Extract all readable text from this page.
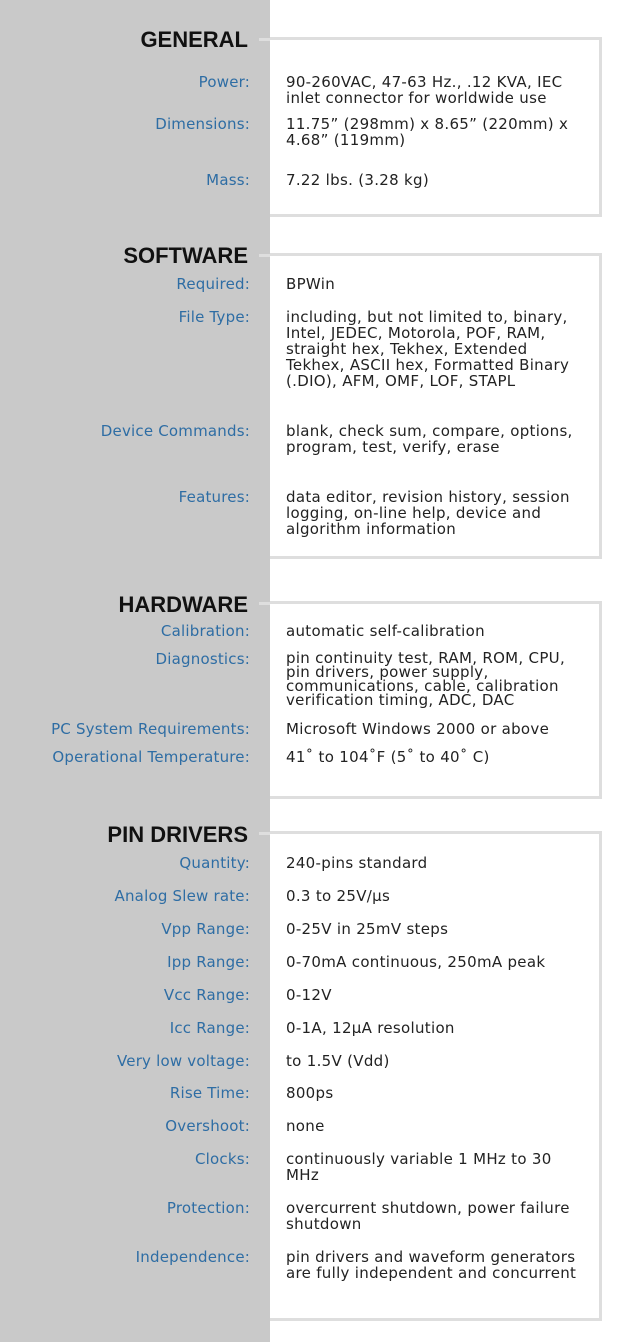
GENERAL
Power: 90-260VAC, 47-63 Hz., .12 KVA, IEC inlet connector for worldwide use
Dimensions: 11.75” (298mm) x 8.65” (220mm) x 4.68” (119mm)
Mass: 7.22 lbs. (3.28 kg)
SOFTWARE
Required: BPWin
File Type: including, but not limited to, binary, Intel, JEDEC, Motorola, POF, RAM, straight hex, Tekhex, Extended Tekhex, ASCII hex, Formatted Binary (.DIO), AFM, OMF, LOF, STAPL
Device Commands: blank, check sum, compare, options, program, test, verify, erase
Features: data editor, revision history, session logging, on-line help, device and algorithm information
HARDWARE
Calibration: automatic self-calibration
Diagnostics: pin continuity test, RAM, ROM, CPU, pin drivers, power supply, communications, cable, calibration verification timing, ADC, DAC
PC System Requirements: Microsoft Windows 2000 or above
Operational Temperature: 41˚ to 104˚F (5˚ to 40˚ C)
PIN DRIVERS
Quantity: 240-pins standard
Analog Slew rate: 0.3 to 25V/µs
Vpp Range: 0-25V in 25mV steps
Ipp Range: 0-70mA continuous, 250mA peak
Vcc Range: 0-12V
Icc Range: 0-1A, 12µA resolution
Very low voltage: to 1.5V (Vdd)
Rise Time: 800ps
Overshoot: none
Clocks: continuously variable 1 MHz to 30 MHz
Protection: overcurrent shutdown, power failure shutdown
Independence: pin drivers and waveform generators are fully independent and concurrent
